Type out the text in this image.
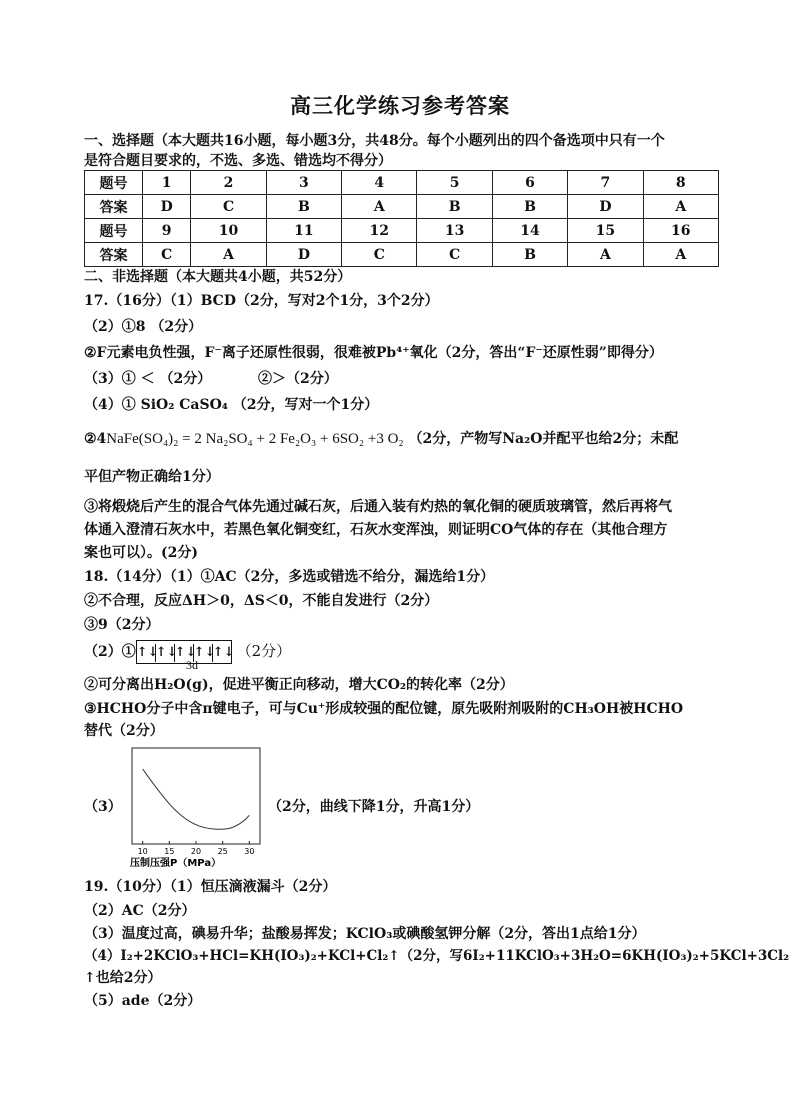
高三化学练习参考答案
一、选择题（本大题共16小题，每小题3分，共48分。每个小题列出的四个备选项中只有一个
是符合题目要求的，不选、多选、错选均不得分）
题号	1	2	3	4	5	6	7	8
答案	D	C	B	A	B	B	D	A
题号	9	10	11	12	13	14	15	16
答案	C	A	D	C	C	B	A	A
二、非选择题（本大题共4小题，共52分）
17.（16分）（1）BCD（2分，写对2个1分，3个2分）
（2）①8 （2分）
②F元素电负性强，F⁻离子还原性很弱，很难被Pb⁴⁺氧化（2分，答出“F⁻还原性弱”即得分）
（3）① ＜ （2分）	②＞（2分）
（4）① SiO₂ CaSO₄ （2分，写对一个1分）
②4NaFe(SO₄)₂ = 2 Na₂SO₄ + 2 Fe₂O₃ + 6SO₂ +3 O₂ （2分，产物写Na₂O并配平也给2分；未配
平但产物正确给1分）
③将煅烧后产生的混合气体先通过碱石灰，后通入装有灼热的氧化铜的硬质玻璃管，然后再将气
体通入澄清石灰水中，若黑色氧化铜变红，石灰水变浑浊，则证明CO气体的存在（其他合理方
案也可以）。(2分)
18.（14分）（1）①AC（2分，多选或错选不给分，漏选给1分）
②不合理，反应ΔH＞0，ΔS＜0，不能自发进行（2分）
③9（2分）
（2）①↑↓↑↓↑↓↑↓↑↓ （2分）
3d
②可分离出H₂O(g)，促进平衡正向移动，增大CO₂的转化率（2分）
③HCHO分子中含π键电子，可与Cu⁺形成较强的配位键，原先吸附剂吸附的CH₃OH被HCHO
替代（2分）
（3）
10 15 20 25 30
压制压强P（MPa）
（2分，曲线下降1分，升高1分）
19.（10分）（1）恒压滴液漏斗（2分）
（2）AC（2分）
（3）温度过高，碘易升华；盐酸易挥发；KClO₃或碘酸氢钾分解（2分，答出1点给1分）
（4）I₂+2KClO₃+HCl=KH(IO₃)₂+KCl+Cl₂↑（2分，写6I₂+11KClO₃+3H₂O=6KH(IO₃)₂+5KCl+3Cl₂
↑也给2分）
（5）ade（2分）
